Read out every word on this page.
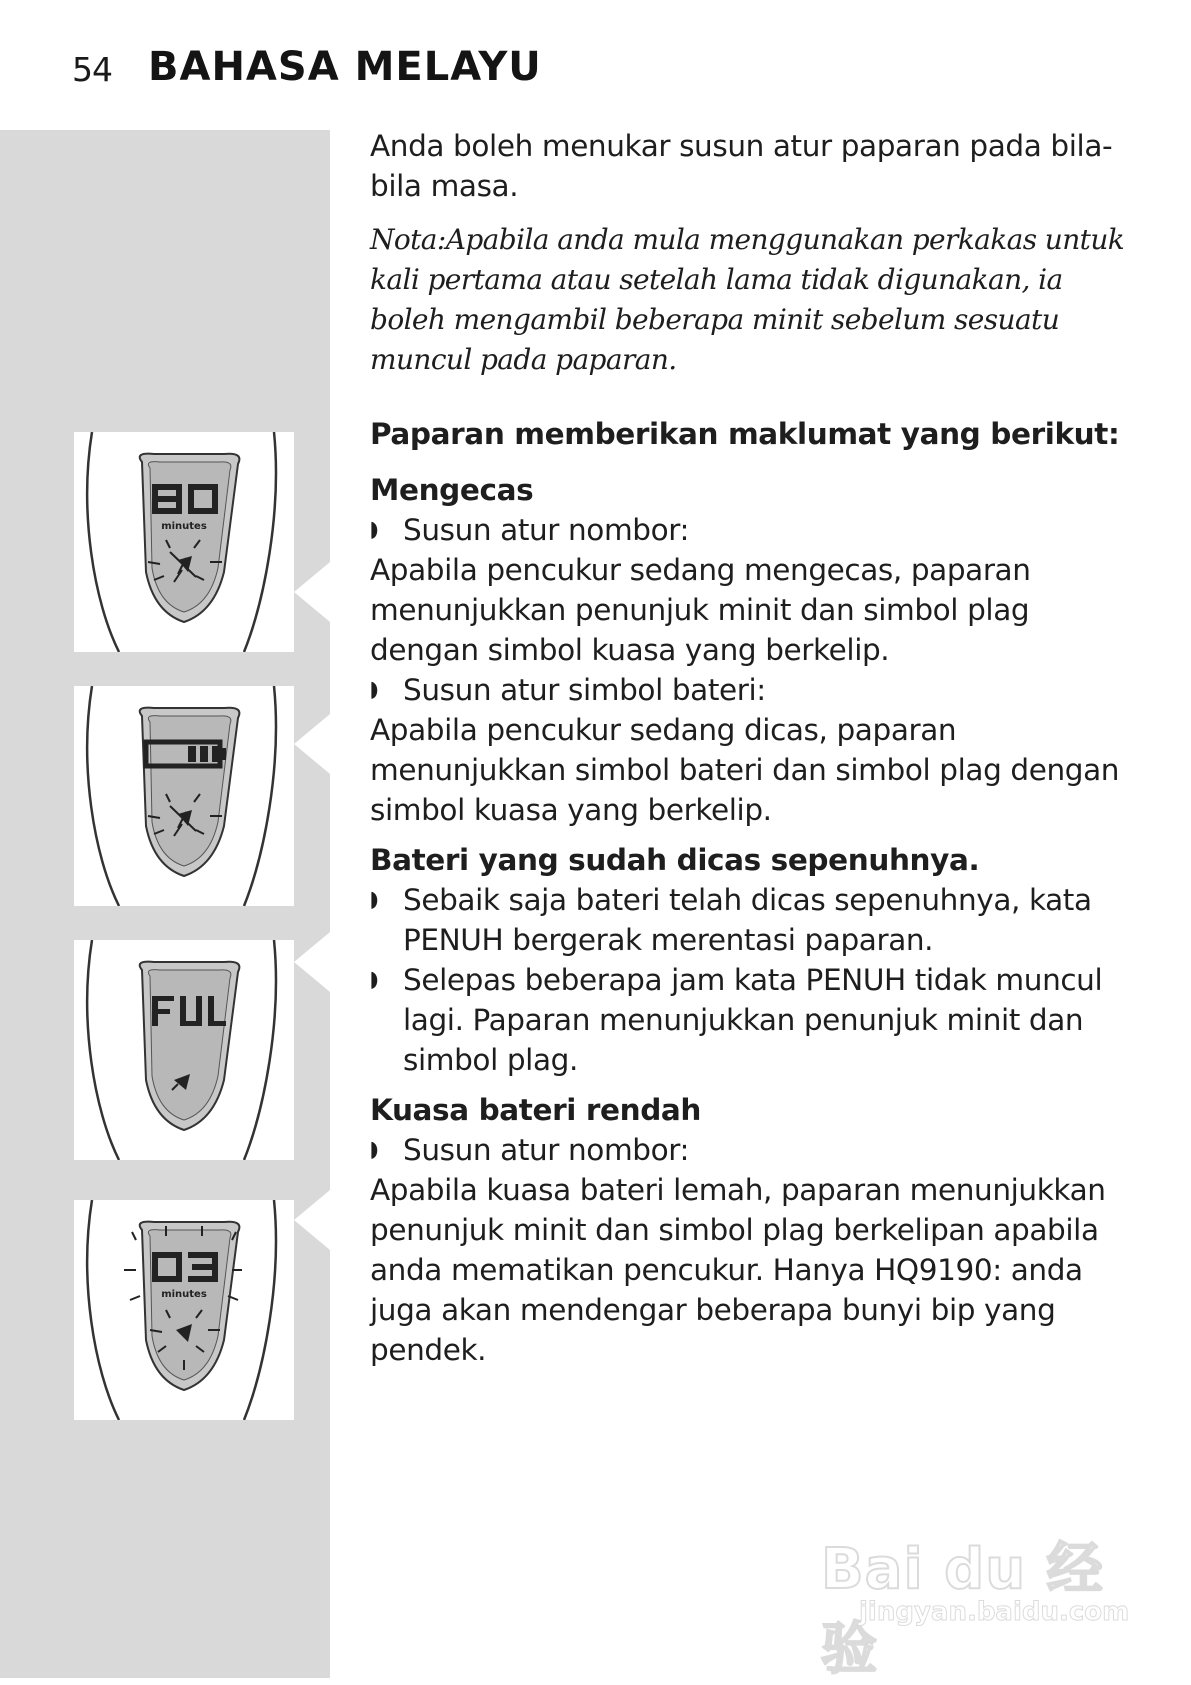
54 BAHASA MELAYU

Anda boleh menukar susun atur paparan pada bila-bila masa.

Nota:Apabila anda mula menggunakan perkakas untuk kali pertama atau setelah lama tidak digunakan, ia boleh mengambil beberapa minit sebelum sesuatu muncul pada paparan.

Paparan memberikan maklumat yang berikut:

Mengecas

◗ Susun atur nombor:

Apabila pencukur sedang mengecas, paparan menunjukkan penunjuk minit dan simbol plag dengan simbol kuasa yang berkelip.

◗ Susun atur simbol bateri:

Apabila pencukur sedang dicas, paparan menunjukkan simbol bateri dan simbol plag dengan simbol kuasa yang berkelip.

Bateri yang sudah dicas sepenuhnya.

◗ Sebaik saja bateri telah dicas sepenuhnya, kata PENUH bergerak merentasi paparan.
◗ Selepas beberapa jam kata PENUH tidak muncul lagi. Paparan menunjukkan penunjuk minit dan simbol plag.

Kuasa bateri rendah

◗ Susun atur nombor:

Apabila kuasa bateri lemah, paparan menunjukkan penunjuk minit dan simbol plag berkelipan apabila anda mematikan pencukur. Hanya HQ9190: anda juga akan mendengar beberapa bunyi bip yang pendek.

minutes
minutes
Bai du 经验
jingyan.baidu.com
